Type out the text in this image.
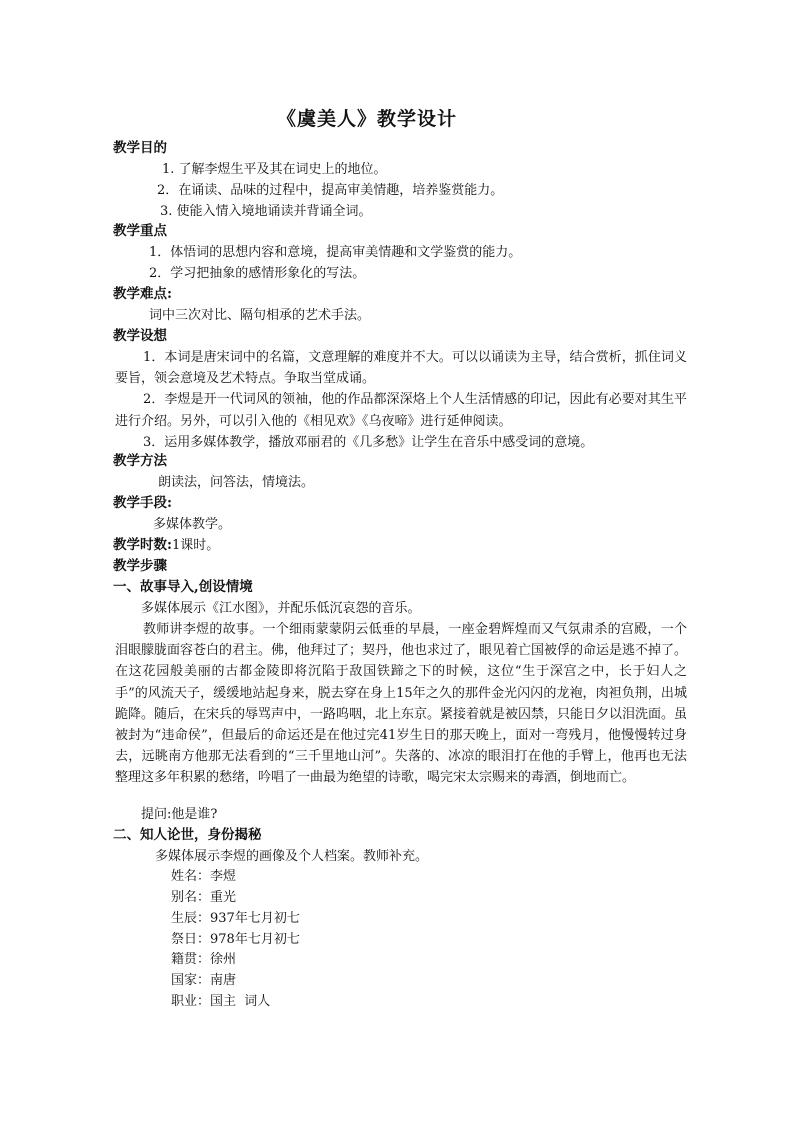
《虞美人》教学设计
教学目的
1. 了解李煜生平及其在词史上的地位。
2．在诵读、品味的过程中，提高审美情趣，培养鉴赏能力。
3. 使能入情入境地诵读并背诵全词。
教学重点
1．体悟词的思想内容和意境，提高审美情趣和文学鉴赏的能力。
2．学习把抽象的感情形象化的写法。
教学难点:
词中三次对比、隔句相承的艺术手法。
教学设想

1．本词是唐宋词中的名篇，文意理解的难度并不大。可以以诵读为主导，结合赏析，抓住词义要旨，领会意境及艺术特点。争取当堂成诵。

2．李煜是开一代词风的领袖，他的作品都深深烙上个人生活情感的印记，因此有必要对其生平进行介绍。另外，可以引入他的《相见欢》《乌夜啼》进行延伸阅读。

3．运用多媒体教学，播放邓丽君的《几多愁》让学生在音乐中感受词的意境。

教学方法
朗读法，问答法，情境法。
教学手段:
多媒体教学。
教学时数:1课时。
教学步骤
一、故事导入,创设情境
多媒体展示《江水图》，并配乐低沉哀怨的音乐。

教师讲李煜的故事。一个细雨蒙蒙阴云低垂的早晨，一座金碧辉煌而又气氛肃杀的宫殿，一个泪眼朦胧面容苍白的君主。佛，他拜过了；契丹，他也求过了，眼见着亡国被俘的命运是逃不掉了。在这花园般美丽的古都金陵即将沉陷于敌国铁蹄之下的时候，这位“生于深宫之中，长于妇人之手”的风流天子，缓缓地站起身来，脱去穿在身上15年之久的那件金光闪闪的龙袍，肉袒负荆，出城跪降。随后，在宋兵的辱骂声中，一路呜咽，北上东京。紧接着就是被囚禁，只能日夕以泪洗面。虽被封为“违命侯”，但最后的命运还是在他过完41岁生日的那天晚上，面对一弯残月，他慢慢转过身去，远眺南方他那无法看到的“三千里地山河”。失落的、冰凉的眼泪打在他的手臂上，他再也无法整理这多年积累的愁绪，吟唱了一曲最为绝望的诗歌，喝完宋太宗赐来的毒酒，倒地而亡。

提问:他是谁?
二、知人论世，身份揭秘
多媒体展示李煜的画像及个人档案。教师补充。
姓名：李煜
别名：重光
生辰：937年七月初七
祭日：978年七月初七
籍贯：徐州
国家：南唐
职业：国主  词人
